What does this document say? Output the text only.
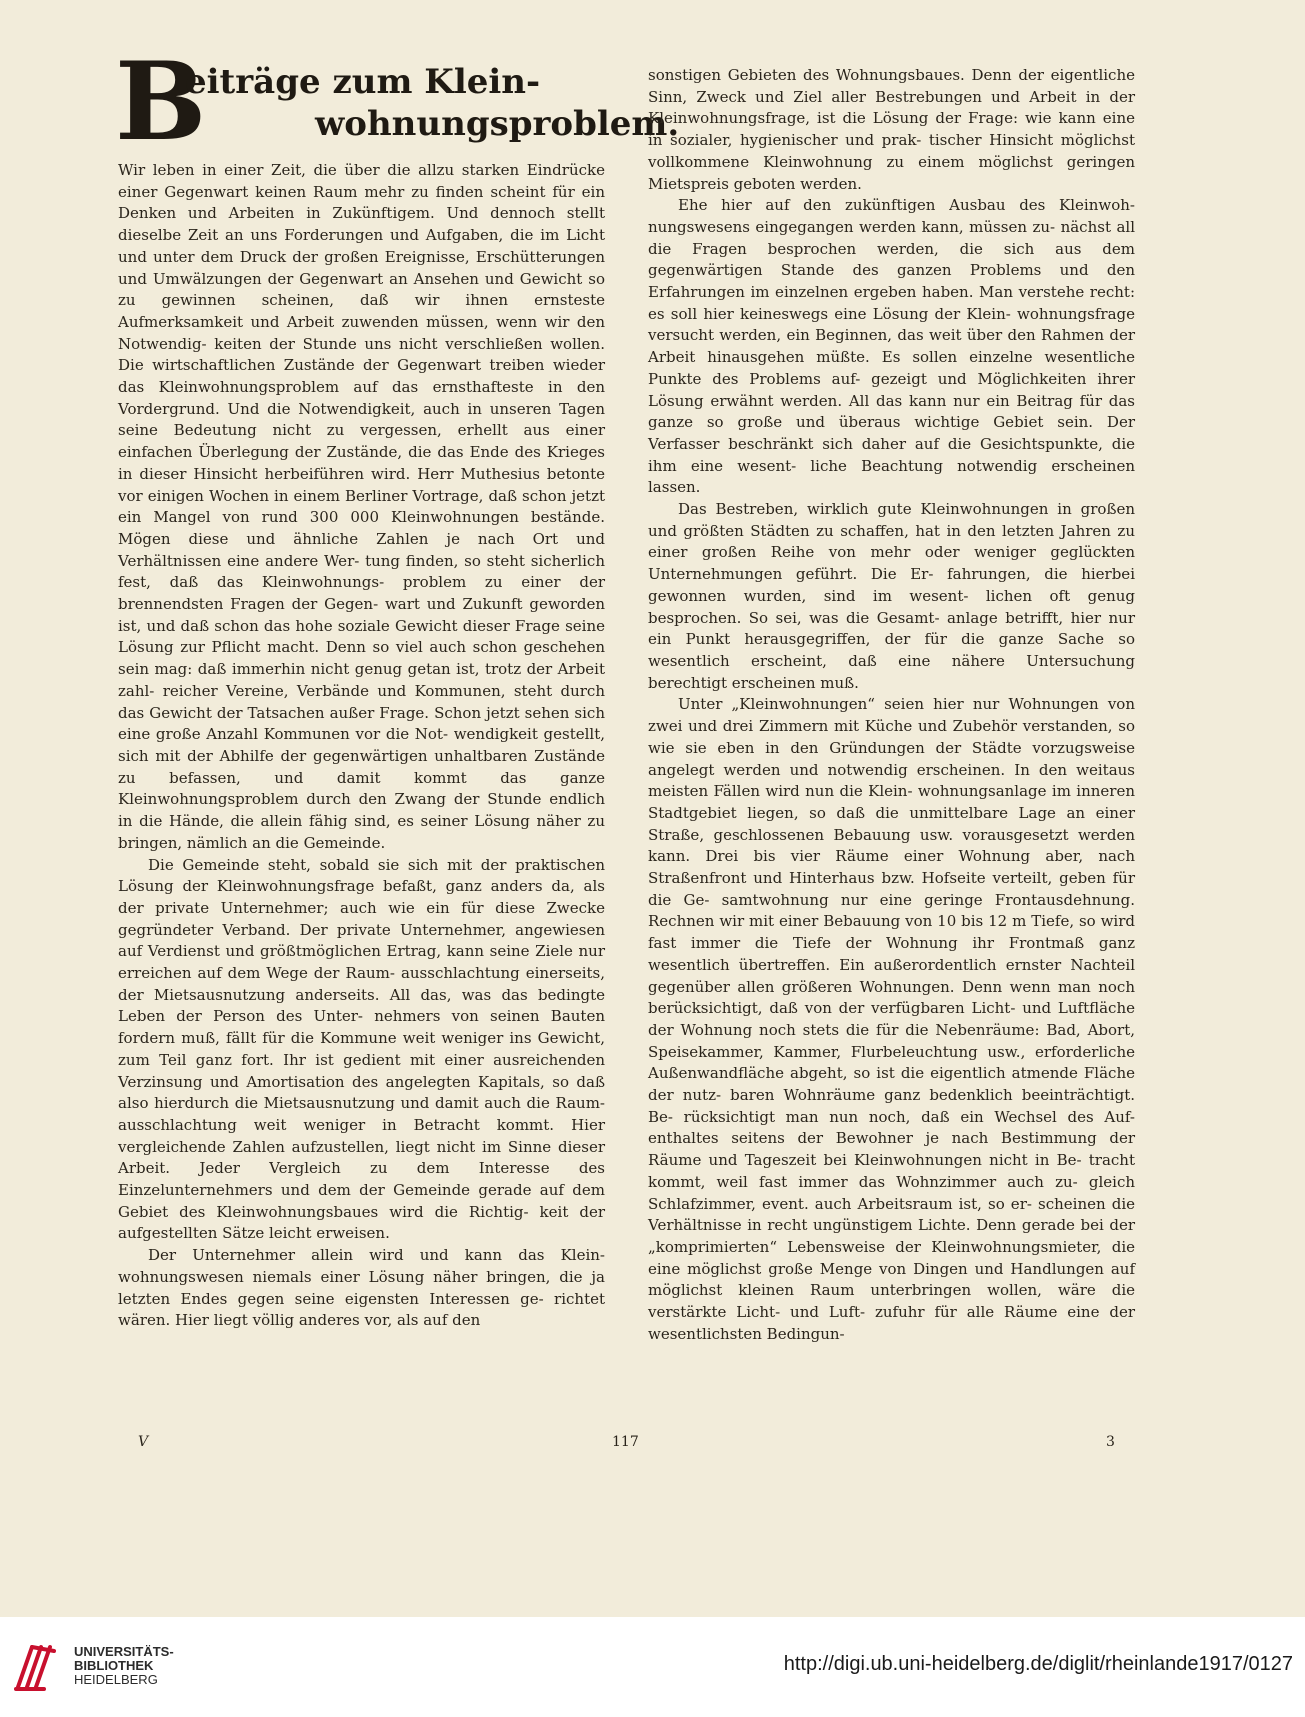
B
eiträge zum Klein-
wohnungsproblem.

Wir leben in einer Zeit, die über die allzu starken Eindrücke einer Gegenwart keinen Raum mehr zu finden scheint für ein Denken und Arbeiten in Zukünftigem. Und dennoch stellt dieselbe Zeit an uns Forderungen und Aufgaben, die im Licht und unter dem Druck der großen Ereignisse, Erschütterungen und Umwälzungen der Gegenwart an Ansehen und Gewicht so zu gewinnen scheinen, daß wir ihnen ernsteste Aufmerksamkeit und Arbeit zuwenden müssen, wenn wir den Notwendig- keiten der Stunde uns nicht verschließen wollen. Die wirtschaftlichen Zustände der Gegenwart treiben wieder das Kleinwohnungsproblem auf das ernsthafteste in den Vordergrund. Und die Notwendigkeit, auch in unseren Tagen seine Bedeutung nicht zu vergessen, erhellt aus einer einfachen Überlegung der Zustände, die das Ende des Krieges in dieser Hinsicht herbeiführen wird. Herr Muthesius betonte vor einigen Wochen in einem Berliner Vortrage, daß schon jetzt ein Mangel von rund 300 000 Kleinwohnungen bestände. Mögen diese und ähnliche Zahlen je nach Ort und Verhältnissen eine andere Wer- tung finden, so steht sicherlich fest, daß das Kleinwohnungs- problem zu einer der brennendsten Fragen der Gegen- wart und Zukunft geworden ist, und daß schon das hohe soziale Gewicht dieser Frage seine Lösung zur Pflicht macht. Denn so viel auch schon geschehen sein mag: daß immerhin nicht genug getan ist, trotz der Arbeit zahl- reicher Vereine, Verbände und Kommunen, steht durch das Gewicht der Tatsachen außer Frage. Schon jetzt sehen sich eine große Anzahl Kommunen vor die Not- wendigkeit gestellt, sich mit der Abhilfe der gegenwärtigen unhaltbaren Zustände zu befassen, und damit kommt das ganze Kleinwohnungsproblem durch den Zwang der Stunde endlich in die Hände, die allein fähig sind, es seiner Lösung näher zu bringen, nämlich an die Gemeinde.

Die Gemeinde steht, sobald sie sich mit der praktischen Lösung der Kleinwohnungsfrage befaßt, ganz anders da, als der private Unternehmer; auch wie ein für diese Zwecke gegründeter Verband. Der private Unternehmer, angewiesen auf Verdienst und größtmöglichen Ertrag, kann seine Ziele nur erreichen auf dem Wege der Raum- ausschlachtung einerseits, der Mietsausnutzung anderseits. All das, was das bedingte Leben der Person des Unter- nehmers von seinen Bauten fordern muß, fällt für die Kommune weit weniger ins Gewicht, zum Teil ganz fort. Ihr ist gedient mit einer ausreichenden Verzinsung und Amortisation des angelegten Kapitals, so daß also hierdurch die Mietsausnutzung und damit auch die Raum- ausschlachtung weit weniger in Betracht kommt. Hier vergleichende Zahlen aufzustellen, liegt nicht im Sinne dieser Arbeit. Jeder Vergleich zu dem Interesse des Einzelunternehmers und dem der Gemeinde gerade auf dem Gebiet des Kleinwohnungsbaues wird die Richtig- keit der aufgestellten Sätze leicht erweisen.

Der Unternehmer allein wird und kann das Klein- wohnungswesen niemals einer Lösung näher bringen, die ja letzten Endes gegen seine eigensten Interessen ge- richtet wären. Hier liegt völlig anderes vor, als auf den

sonstigen Gebieten des Wohnungsbaues. Denn der eigentliche Sinn, Zweck und Ziel aller Bestrebungen und Arbeit in der Kleinwohnungsfrage, ist die Lösung der Frage: wie kann eine in sozialer, hygienischer und prak- tischer Hinsicht möglichst vollkommene Kleinwohnung zu einem möglichst geringen Mietspreis geboten werden.

Ehe hier auf den zukünftigen Ausbau des Kleinwoh- nungswesens eingegangen werden kann, müssen zu- nächst all die Fragen besprochen werden, die sich aus dem gegenwärtigen Stande des ganzen Problems und den Erfahrungen im einzelnen ergeben haben. Man verstehe recht: es soll hier keineswegs eine Lösung der Klein- wohnungsfrage versucht werden, ein Beginnen, das weit über den Rahmen der Arbeit hinausgehen müßte. Es sollen einzelne wesentliche Punkte des Problems auf- gezeigt und Möglichkeiten ihrer Lösung erwähnt werden. All das kann nur ein Beitrag für das ganze so große und überaus wichtige Gebiet sein. Der Verfasser beschränkt sich daher auf die Gesichtspunkte, die ihm eine wesent- liche Beachtung notwendig erscheinen lassen.

Das Bestreben, wirklich gute Kleinwohnungen in großen und größten Städten zu schaffen, hat in den letzten Jahren zu einer großen Reihe von mehr oder weniger geglückten Unternehmungen geführt. Die Er- fahrungen, die hierbei gewonnen wurden, sind im wesent- lichen oft genug besprochen. So sei, was die Gesamt- anlage betrifft, hier nur ein Punkt herausgegriffen, der für die ganze Sache so wesentlich erscheint, daß eine nähere Untersuchung berechtigt erscheinen muß.

Unter „Kleinwohnungen“ seien hier nur Wohnungen von zwei und drei Zimmern mit Küche und Zubehör verstanden, so wie sie eben in den Gründungen der Städte vorzugsweise angelegt werden und notwendig erscheinen. In den weitaus meisten Fällen wird nun die Klein- wohnungsanlage im inneren Stadtgebiet liegen, so daß die unmittelbare Lage an einer Straße, geschlossenen Bebauung usw. vorausgesetzt werden kann. Drei bis vier Räume einer Wohnung aber, nach Straßenfront und Hinterhaus bzw. Hofseite verteilt, geben für die Ge- samtwohnung nur eine geringe Frontausdehnung. Rechnen wir mit einer Bebauung von 10 bis 12 m Tiefe, so wird fast immer die Tiefe der Wohnung ihr Frontmaß ganz wesentlich übertreffen. Ein außerordentlich ernster Nachteil gegenüber allen größeren Wohnungen. Denn wenn man noch berücksichtigt, daß von der verfügbaren Licht- und Luftfläche der Wohnung noch stets die für die Nebenräume: Bad, Abort, Speisekammer, Kammer, Flurbeleuchtung usw., erforderliche Außenwandfläche abgeht, so ist die eigentlich atmende Fläche der nutz- baren Wohnräume ganz bedenklich beeinträchtigt. Be- rücksichtigt man nun noch, daß ein Wechsel des Auf- enthaltes seitens der Bewohner je nach Bestimmung der Räume und Tageszeit bei Kleinwohnungen nicht in Be- tracht kommt, weil fast immer das Wohnzimmer auch zu- gleich Schlafzimmer, event. auch Arbeitsraum ist, so er- scheinen die Verhältnisse in recht ungünstigem Lichte. Denn gerade bei der „komprimierten“ Lebensweise der Kleinwohnungsmieter, die eine möglichst große Menge von Dingen und Handlungen auf möglichst kleinen Raum unterbringen wollen, wäre die verstärkte Licht- und Luft- zufuhr für alle Räume eine der wesentlichsten Bedingun-

V	117	3
UNIVERSITÄTS-
BIBLIOTHEK
HEIDELBERG
http://digi.ub.uni-heidelberg.de/diglit/rheinlande1917/0127
